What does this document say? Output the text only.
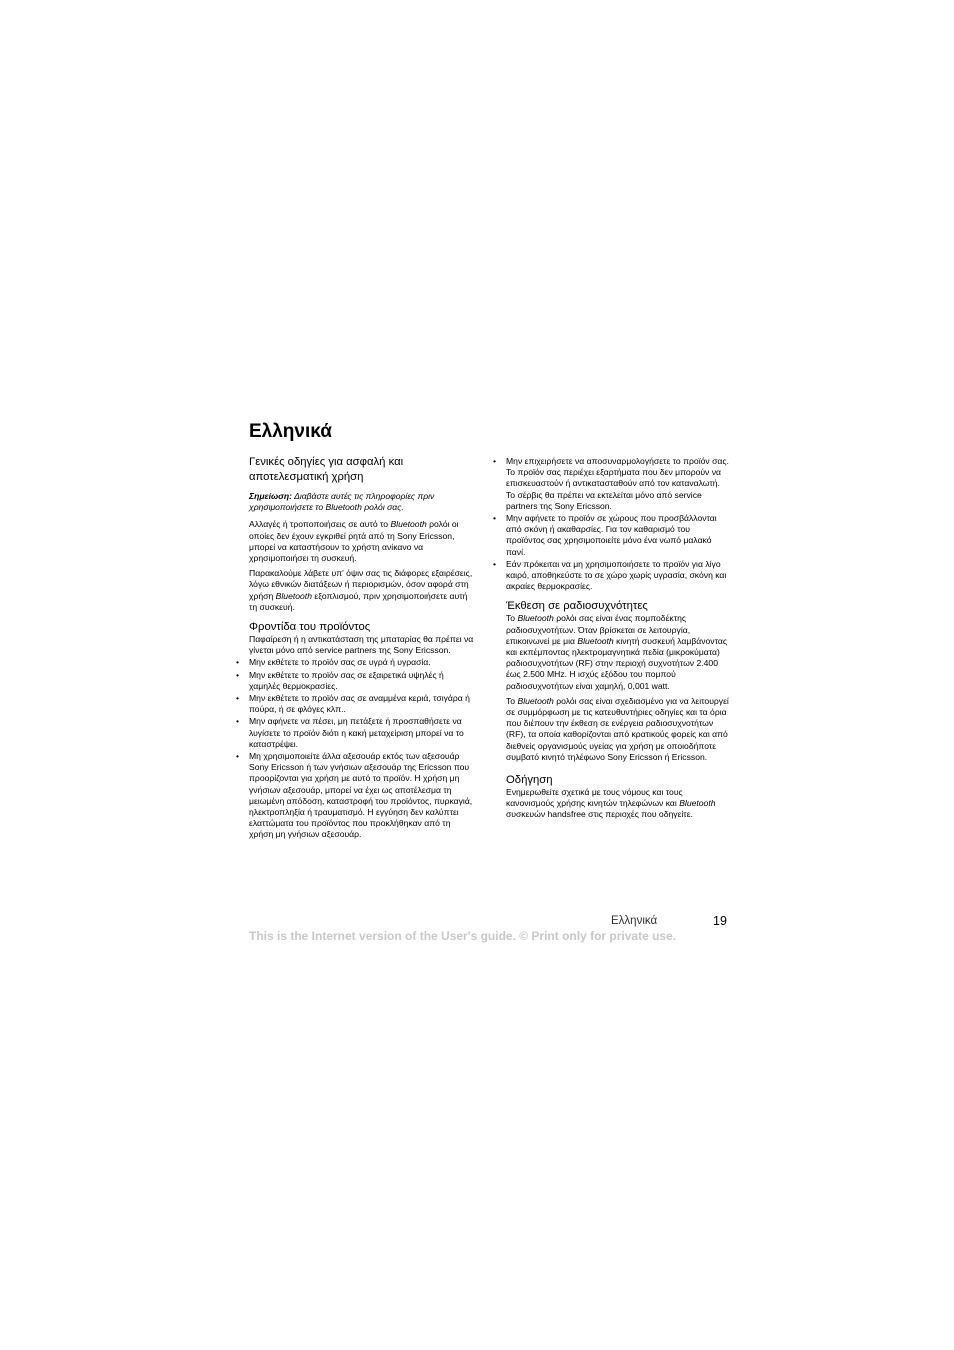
Ελληνικά
Γενικές οδηγίες για ασφαλή και
αποτελεσματική χρήση

Σημείωση: Διαβάστε αυτές τις πληροφορίες πριν χρησιμοποιήσετε το Bluetooth ρολόι σας.

Αλλαγές ή τροποποιήσεις σε αυτό το Bluetooth ρολόι οι οποίες δεν έχουν εγκριθεί ρητά από τη Sony Ericsson, μπορεί να καταστήσουν το χρήστη ανίκανο να χρησιμοποιήσει τη συσκευή.

Παρακαλούμε λάβετε υπ' όψιν σας τις διάφορες εξαιρέσεις, λόγω εθνικών διατάξεων ή περιορισμών, όσον αφορά στη χρήση Bluetooth εξοπλισμού, πριν χρησιμοποιήσετε αυτή τη συσκευή.

Φροντίδα του προϊόντος

Παφαίρεση ή η αντικατάσταση της μπαταρίας θα πρέπει να γίνεται μόνο από service partners της Sony Ericsson.

• Μην εκθέτετε το προϊόν σας σε υγρά ή υγρασία.
• Μην εκθέτετε το προϊόν σας σε εξαιρετικά υψηλές ή χαμηλές θερμοκρασίες.
• Μην εκθέτετε το προϊόν σας σε αναμμένα κεριά, τσιγάρα ή πούρα, ή σε φλόγες κλπ..
• Μην αφήνετε να πέσει, μη πετάξετε ή προσπαθήσετε να λυγίσετε το προϊόν διότι η κακή μεταχείριση μπορεί να το καταστρέψει.
• Μη χρησιμοποιείτε άλλα αξεσουάρ εκτός των αξεσουάρ Sony Ericsson ή των γνήσιων αξεσουάρ της Ericsson που προορίζονται για χρήση με αυτό το προϊόν. Η χρήση μη γνήσιων αξεσουάρ, μπορεί να έχει ως αποτέλεσμα τη μειωμένη απόδοση, καταστροφή του προϊόντος, πυρκαγιά, ηλεκτροπληξία ή τραυματισμό. Η εγγύηση δεν καλύπτει ελαττώματα του προϊόντος που προκλήθηκαν από τη χρήση μη γνήσιων αξεσουάρ.
• Μην επιχειρήσετε να αποσυναρμολογήσετε το προϊόν σας. Το προϊόν σας περιέχει εξαρτήματα που δεν μπορούν να επισκευαστούν ή αντικατασταθούν από τον καταναλωτή. Το σέρβις θα πρέπει να εκτελείται μόνο από service partners της Sony Ericsson.
• Μην αφήνετε το προϊόν σε χώρους που προσβάλλονται από σκόνη ή ακαθαρσίες. Για τον καθαρισμό του προϊόντος σας χρησιμοποιείτε μόνο ένα νωπό μαλακό πανί.
• Εάν πρόκειται να μη χρησιμοποιήσετε το προϊόν για λίγο καιρό, αποθηκεύστε το σε χώρο χωρίς υγρασία, σκόνη και ακραίες θερμοκρασίες.
Έκθεση σε ραδιοσυχνότητες

Το Bluetooth ρολόι σας είναι ένας πομποδέκτης ραδιοσυχνοτήτων. Όταν βρίσκεται σε λειτουργία, επικοινωνεί με μια Bluetooth κινητή συσκευή λαμβάνοντας και εκπέμποντας ηλεκτρομαγνητικά πεδία (μικροκύματα) ραδιοσυχνοτήτων (RF) στην περιοχή συχνοτήτων 2.400 έως 2.500 MHz. Η ισχύς εξόδου του πομπού ραδιοσυχνοτήτων είναι χαμηλή, 0,001 watt.

Το Bluetooth ρολόι σας είναι σχεδιασμένο για να λειτουργεί σε συμμόρφωση με τις κατευθυντήριες οδηγίες και τα όρια που διέπουν την έκθεση σε ενέργεια ραδιοσυχνοτήτων (RF), τα οποία καθορίζονται από κρατικούς φορείς και από διεθνείς οργανισμούς υγείας για χρήση με οποιοδήποτε συμβατό κινητό τηλέφωνο Sony Ericsson ή Ericsson.

Οδήγηση

Ενημερωθείτε σχετικά με τους νόμους και τους κανονισμούς χρήσης κινητών τηλεφώνων και Bluetooth συσκευών handsfree στις περιοχές που οδηγείτε.

Ελληνικά	19
This is the Internet version of the User's guide. © Print only for private use.
